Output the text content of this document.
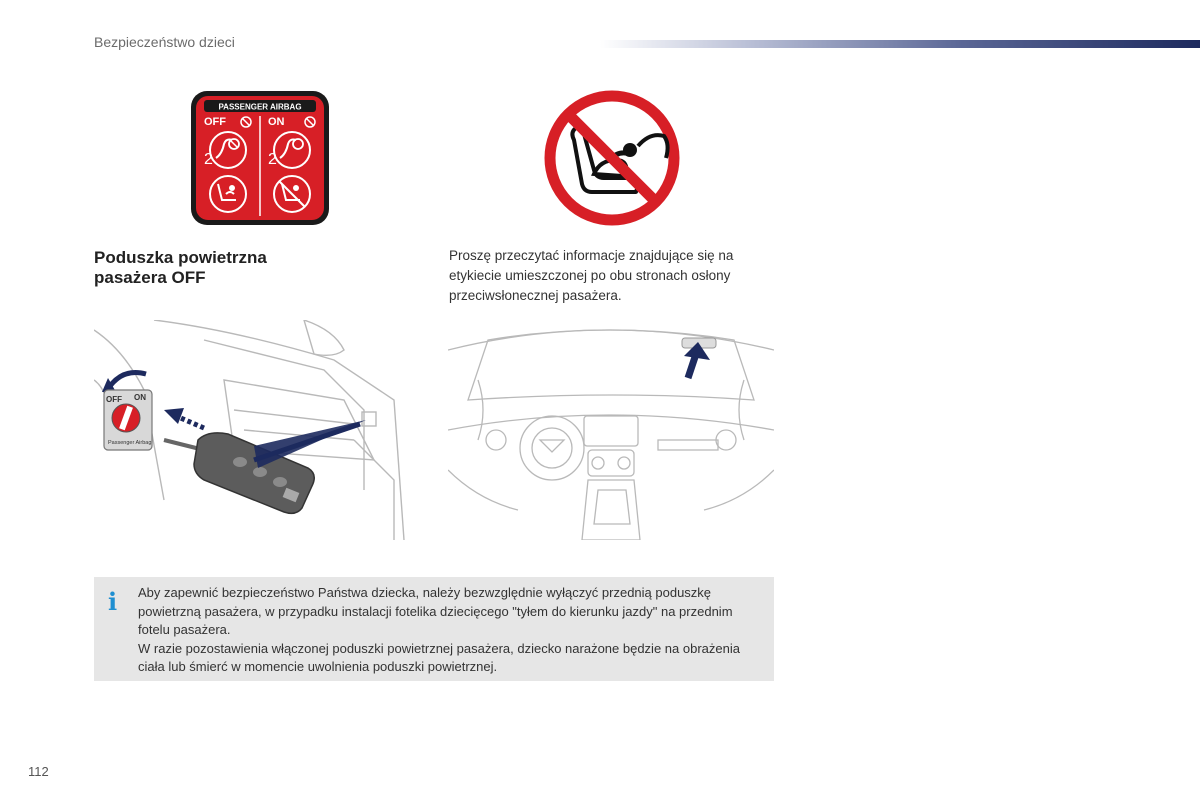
Bezpieczeństwo dzieci
PASSENGER AIRBAG
OFF	ON
2	2
Poduszka powietrzna
pasażera OFF
Proszę przeczytać informacje znajdujące się na etykiecie umieszczonej po obu stronach osłony przeciwsłonecznej pasażera.
OFF ON
Passenger Airbag
i Aby zapewnić bezpieczeństwo Państwa dziecka, należy bezwzględnie wyłączyć przednią poduszkę powietrzną pasażera, w przypadku instalacji fotelika dziecięcego "tyłem do kierunku jazdy" na przednim fotelu pasażera.

W razie pozostawienia włączonej poduszki powietrznej pasażera, dziecko narażone będzie na obrażenia ciała lub śmierć w momencie uwolnienia poduszki powietrznej.

112
